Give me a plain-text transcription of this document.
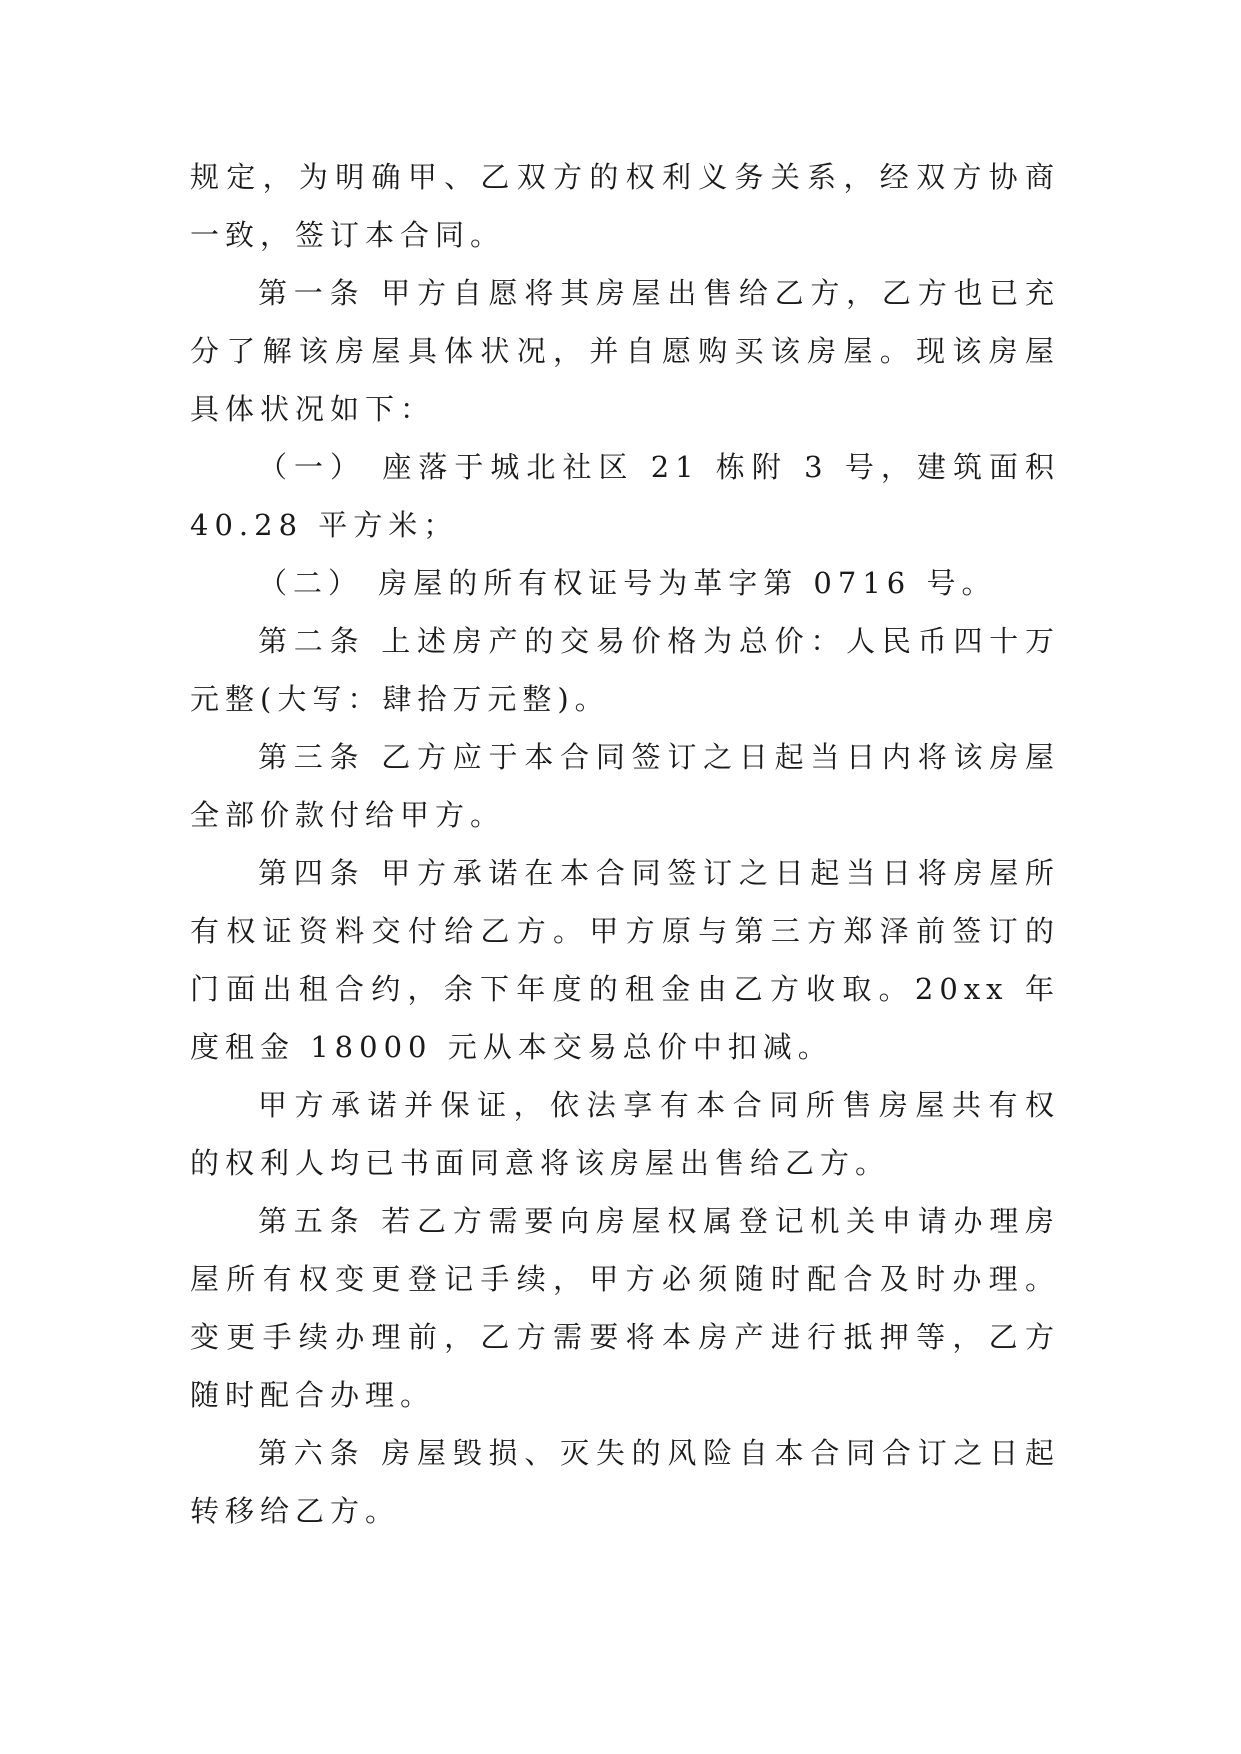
规定，为明确甲、乙双方的权利义务关系，经双方协商一致，签订本合同。

第一条 甲方自愿将其房屋出售给乙方，乙方也已充分了解该房屋具体状况，并自愿购买该房屋。现该房屋具体状况如下：

（一） 座落于城北社区 21 栋附 3 号，建筑面积 40.28 平方米；

（二） 房屋的所有权证号为革字第 0716 号。

第二条 上述房产的交易价格为总价：人民币四十万元整(大写：肆拾万元整)。

第三条 乙方应于本合同签订之日起当日内将该房屋全部价款付给甲方。

第四条 甲方承诺在本合同签订之日起当日将房屋所有权证资料交付给乙方。甲方原与第三方郑泽前签订的门面出租合约，余下年度的租金由乙方收取。20xx 年度租金 18000 元从本交易总价中扣减。

甲方承诺并保证，依法享有本合同所售房屋共有权的权利人均已书面同意将该房屋出售给乙方。

第五条 若乙方需要向房屋权属登记机关申请办理房屋所有权变更登记手续，甲方必须随时配合及时办理。变更手续办理前，乙方需要将本房产进行抵押等，乙方随时配合办理。

第六条 房屋毁损、灭失的风险自本合同合订之日起转移给乙方。
